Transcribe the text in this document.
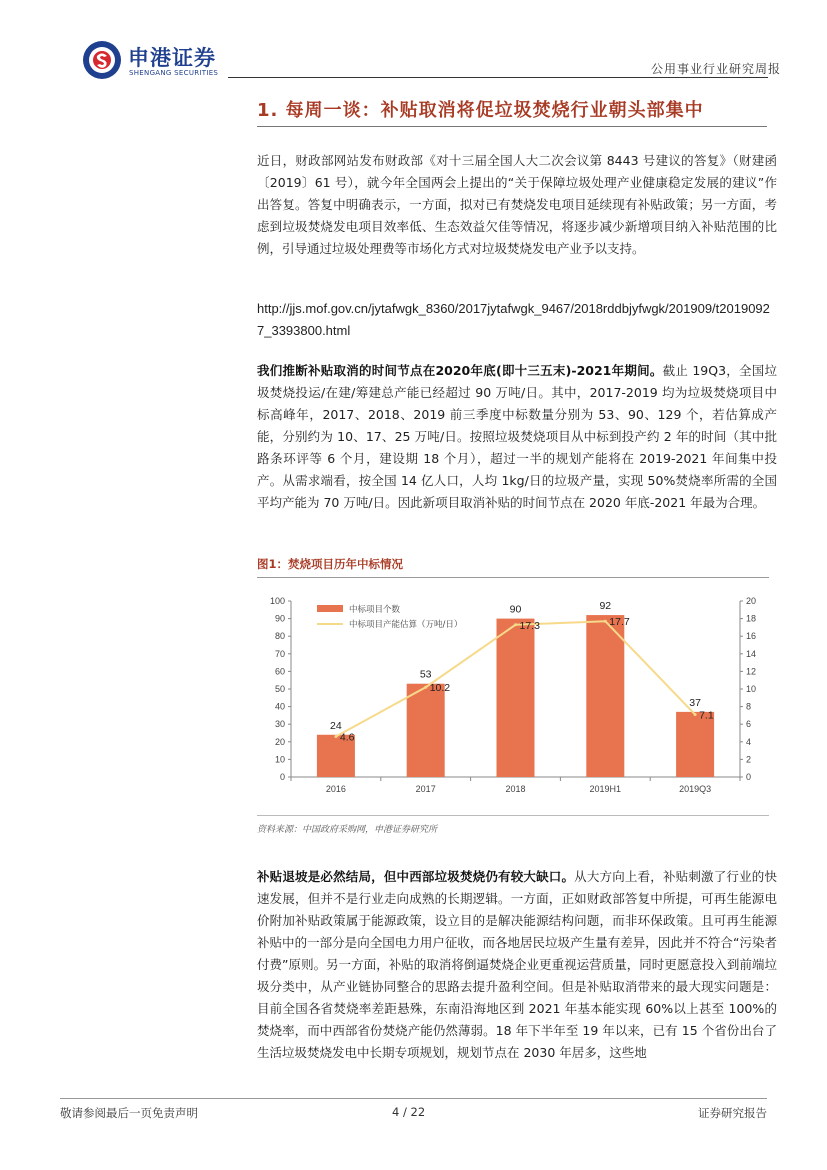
申港证券
SHENGANG SECURITIES	公用事业行业研究周报
1. 每周一谈：补贴取消将促垃圾焚烧行业朝头部集中
近日，财政部网站发布财政部《对十三届全国人大二次会议第 8443 号建议的答复》（财建函〔2019〕61 号），就今年全国两会上提出的“关于保障垃圾处理产业健康稳定发展的建议”作出答复。答复中明确表示，一方面，拟对已有焚烧发电项目延续现有补贴政策；另一方面，考虑到垃圾焚烧发电项目效率低、生态效益欠佳等情况，将逐步减少新增项目纳入补贴范围的比例，引导通过垃圾处理费等市场化方式对垃圾焚烧发电产业予以支持。
http://jjs.mof.gov.cn/jytafwgk_8360/2017jytafwgk_9467/2018rddbjyfwgk/201909/t20190927_3393800.html
我们推断补贴取消的时间节点在2020年底(即十三五末)-2021年期间。截止 19Q3，全国垃圾焚烧投运/在建/筹建总产能已经超过 90 万吨/日。其中，2017-2019 均为垃圾焚烧项目中标高峰年，2017、2018、2019 前三季度中标数量分别为 53、90、129 个，若估算成产能，分别约为 10、17、25 万吨/日。按照垃圾焚烧项目从中标到投产约 2 年的时间（其中批路条环评等 6 个月，建设期 18 个月），超过一半的规划产能将在 2019-2021 年间集中投产。从需求端看，按全国 14 亿人口，人均 1kg/日的垃圾产量，实现 50%焚烧率所需的全国平均产能为 70 万吨/日。因此新项目取消补贴的时间节点在 2020 年底-2021 年最为合理。
图1：焚烧项目历年中标情况
0
10
20
30
40
50
60
70
80
90
100
0
2
4
6
8
10
12
14
16
18
20
2016	2017	2018	2019H1	2019Q3
24
53
90	92
37
4.6
10.2
17.3	17.7
7.1
中标项目个数
中标项目产能估算（万吨/日）
资料来源：中国政府采购网，申港证券研究所
补贴退坡是必然结局，但中西部垃圾焚烧仍有较大缺口。从大方向上看，补贴刺激了行业的快速发展，但并不是行业走向成熟的长期逻辑。一方面，正如财政部答复中所提，可再生能源电价附加补贴政策属于能源政策，设立目的是解决能源结构问题，而非环保政策。且可再生能源补贴中的一部分是向全国电力用户征收，而各地居民垃圾产生量有差异，因此并不符合“污染者付费”原则。另一方面，补贴的取消将倒逼焚烧企业更重视运营质量，同时更愿意投入到前端垃圾分类中，从产业链协同整合的思路去提升盈利空间。但是补贴取消带来的最大现实问题是：目前全国各省焚烧率差距悬殊，东南沿海地区到 2021 年基本能实现 60%以上甚至 100%的焚烧率，而中西部省份焚烧产能仍然薄弱。18 年下半年至 19 年以来，已有 15 个省份出台了生活垃圾焚烧发电中长期专项规划，规划节点在 2030 年居多，这些地
敬请参阅最后一页免责声明	4 / 22	证券研究报告
